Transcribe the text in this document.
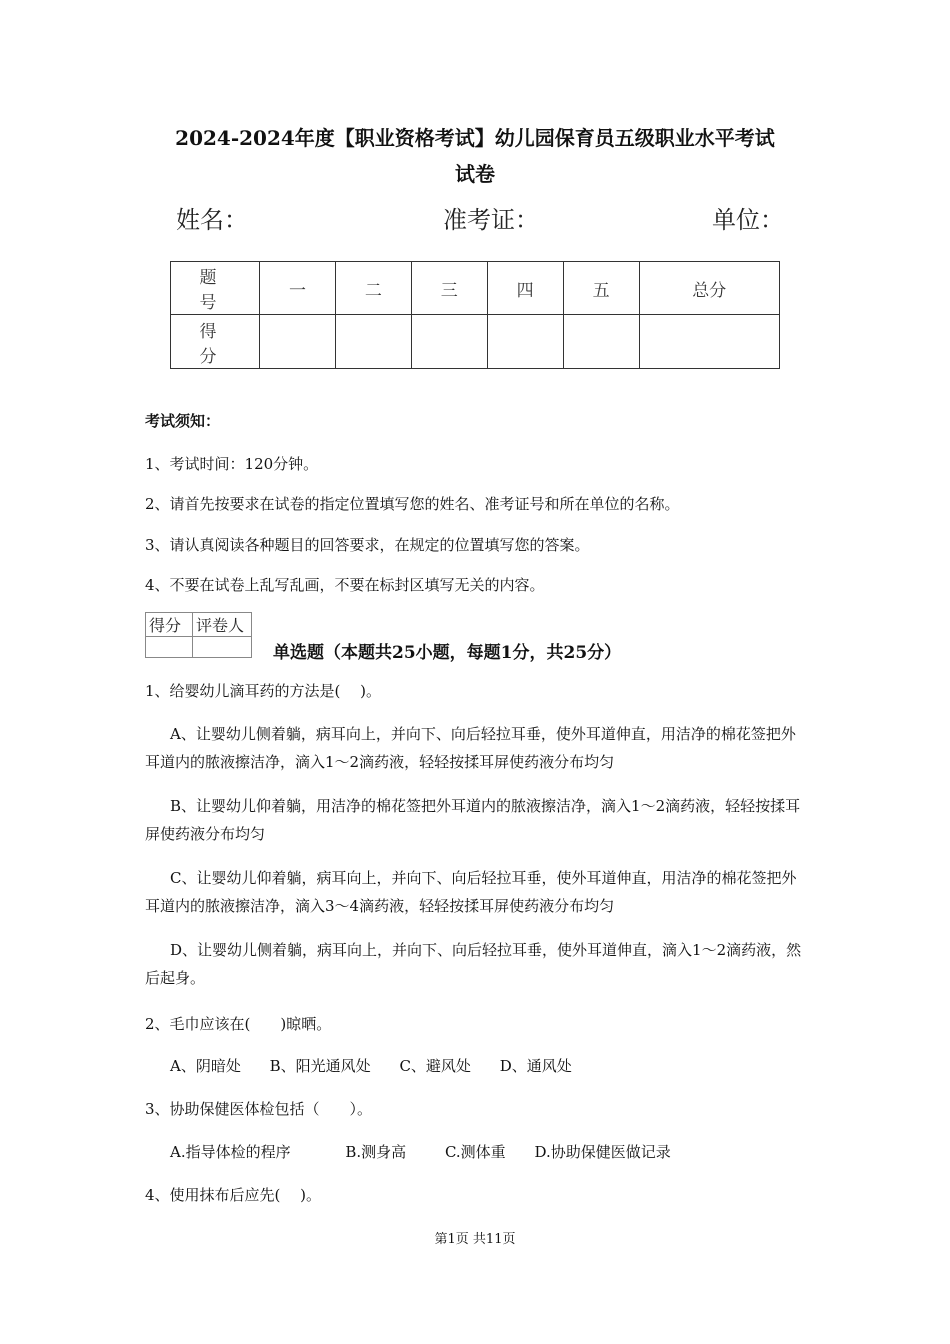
2024-2024年度【职业资格考试】幼儿园保育员五级职业水平考试
试卷
姓名：	准考证：	单位：
题　号	一	二	三	四	五	总分
得　分						
考试须知：
1、考试时间：120分钟。
2、请首先按要求在试卷的指定位置填写您的姓名、准考证号和所在单位的名称。
3、请认真阅读各种题目的回答要求，在规定的位置填写您的答案。
4、不要在试卷上乱写乱画，不要在标封区填写无关的内容。
得分	评卷人

单选题（本题共25小题，每题1分，共25分）
1、给婴幼儿滴耳药的方法是(　 )。
A、让婴幼儿侧着躺，病耳向上，并向下、向后轻拉耳垂，使外耳道伸直，用洁净的棉花签把外耳道内的脓液擦洁净，滴入1～2滴药液，轻轻按揉耳屏使药液分布均匀
B、让婴幼儿仰着躺，用洁净的棉花签把外耳道内的脓液擦洁净，滴入1～2滴药液，轻轻按揉耳屏使药液分布均匀
C、让婴幼儿仰着躺，病耳向上，并向下、向后轻拉耳垂，使外耳道伸直，用洁净的棉花签把外耳道内的脓液擦洁净，滴入3～4滴药液，轻轻按揉耳屏使药液分布均匀
D、让婴幼儿侧着躺，病耳向上，并向下、向后轻拉耳垂，使外耳道伸直，滴入1～2滴药液，然后起身。
2、毛巾应该在(　　)晾晒。
A、阴暗处 B、阳光通风处 C、避风处 D、通风处
3、协助保健医体检包括（　　）。
A.指导体检的程序	B.测身高	C.测体重 D.协助保健医做记录
4、使用抹布后应先(　 )。
第1页 共11页
